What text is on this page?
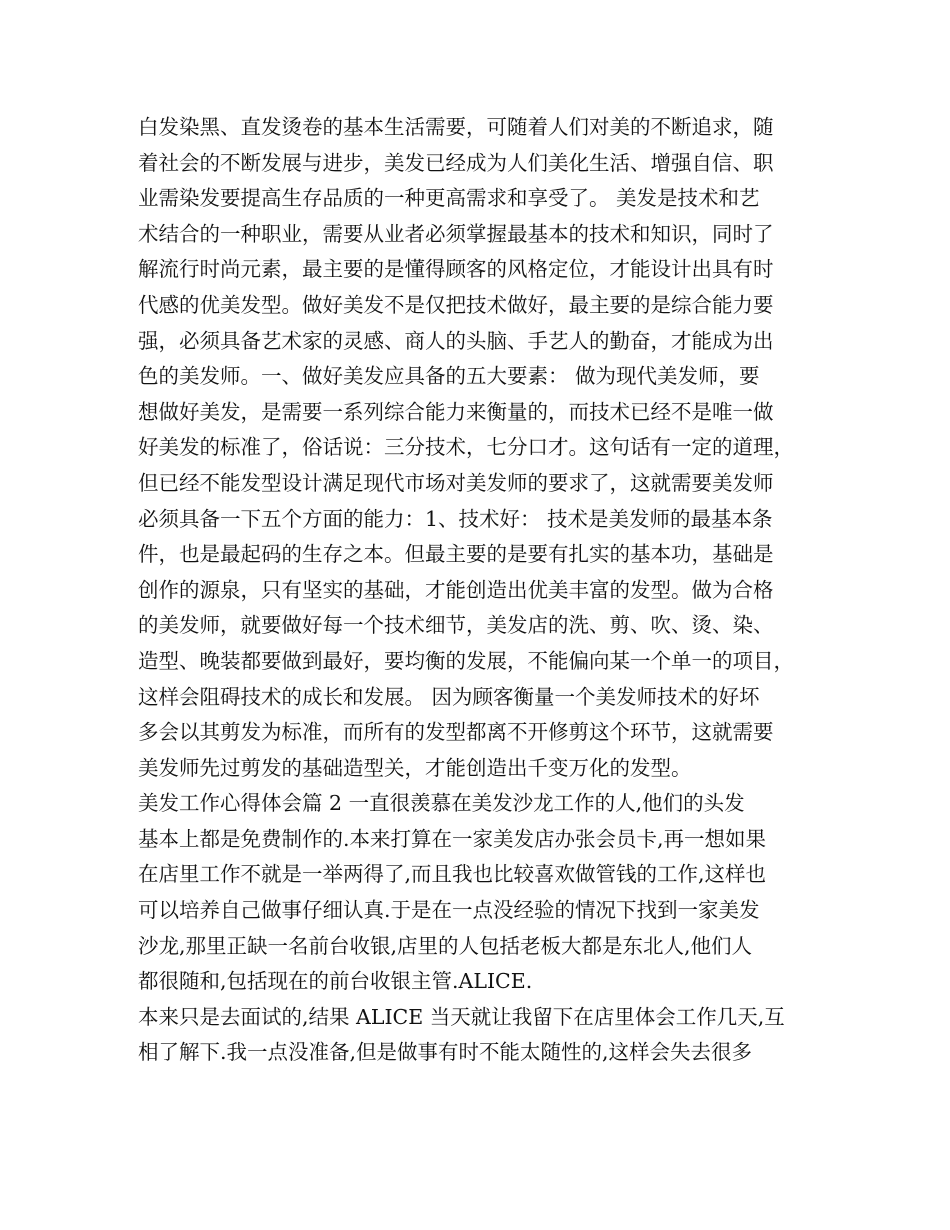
白发染黑、直发烫卷的基本生活需要，可随着人们对美的不断追求，随
着社会的不断发展与进步，美发已经成为人们美化生活、增强自信、职
业需染发要提高生存品质的一种更高需求和享受了。 美发是技术和艺
术结合的一种职业，需要从业者必须掌握最基本的技术和知识，同时了
解流行时尚元素，最主要的是懂得顾客的风格定位，才能设计出具有时
代感的优美发型。做好美发不是仅把技术做好，最主要的是综合能力要
强，必须具备艺术家的灵感、商人的头脑、手艺人的勤奋，才能成为出
色的美发师。一、做好美发应具备的五大要素： 做为现代美发师，要
想做好美发，是需要一系列综合能力来衡量的，而技术已经不是唯一做
好美发的标准了，俗话说：三分技术，七分口才。这句话有一定的道理，
但已经不能发型设计满足现代市场对美发师的要求了，这就需要美发师
必须具备一下五个方面的能力：1、技术好： 技术是美发师的最基本条
件，也是最起码的生存之本。但最主要的是要有扎实的基本功，基础是
创作的源泉，只有坚实的基础，才能创造出优美丰富的发型。做为合格
的美发师，就要做好每一个技术细节，美发店的洗、剪、吹、烫、染、
造型、晚装都要做到最好，要均衡的发展，不能偏向某一个单一的项目，
这样会阻碍技术的成长和发展。 因为顾客衡量一个美发师技术的好坏
多会以其剪发为标准，而所有的发型都离不开修剪这个环节，这就需要
美发师先过剪发的基础造型关，才能创造出千变万化的发型。
美发工作心得体会篇 2 一直很羡慕在美发沙龙工作的人,他们的头发
基本上都是免费制作的.本来打算在一家美发店办张会员卡,再一想如果
在店里工作不就是一举两得了,而且我也比较喜欢做管钱的工作,这样也
可以培养自己做事仔细认真.于是在一点没经验的情况下找到一家美发
沙龙,那里正缺一名前台收银,店里的人包括老板大都是东北人,他们人
都很随和,包括现在的前台收银主管.ALICE.
本来只是去面试的,结果 ALICE 当天就让我留下在店里体会工作几天,互
相了解下.我一点没准备,但是做事有时不能太随性的,这样会失去很多
